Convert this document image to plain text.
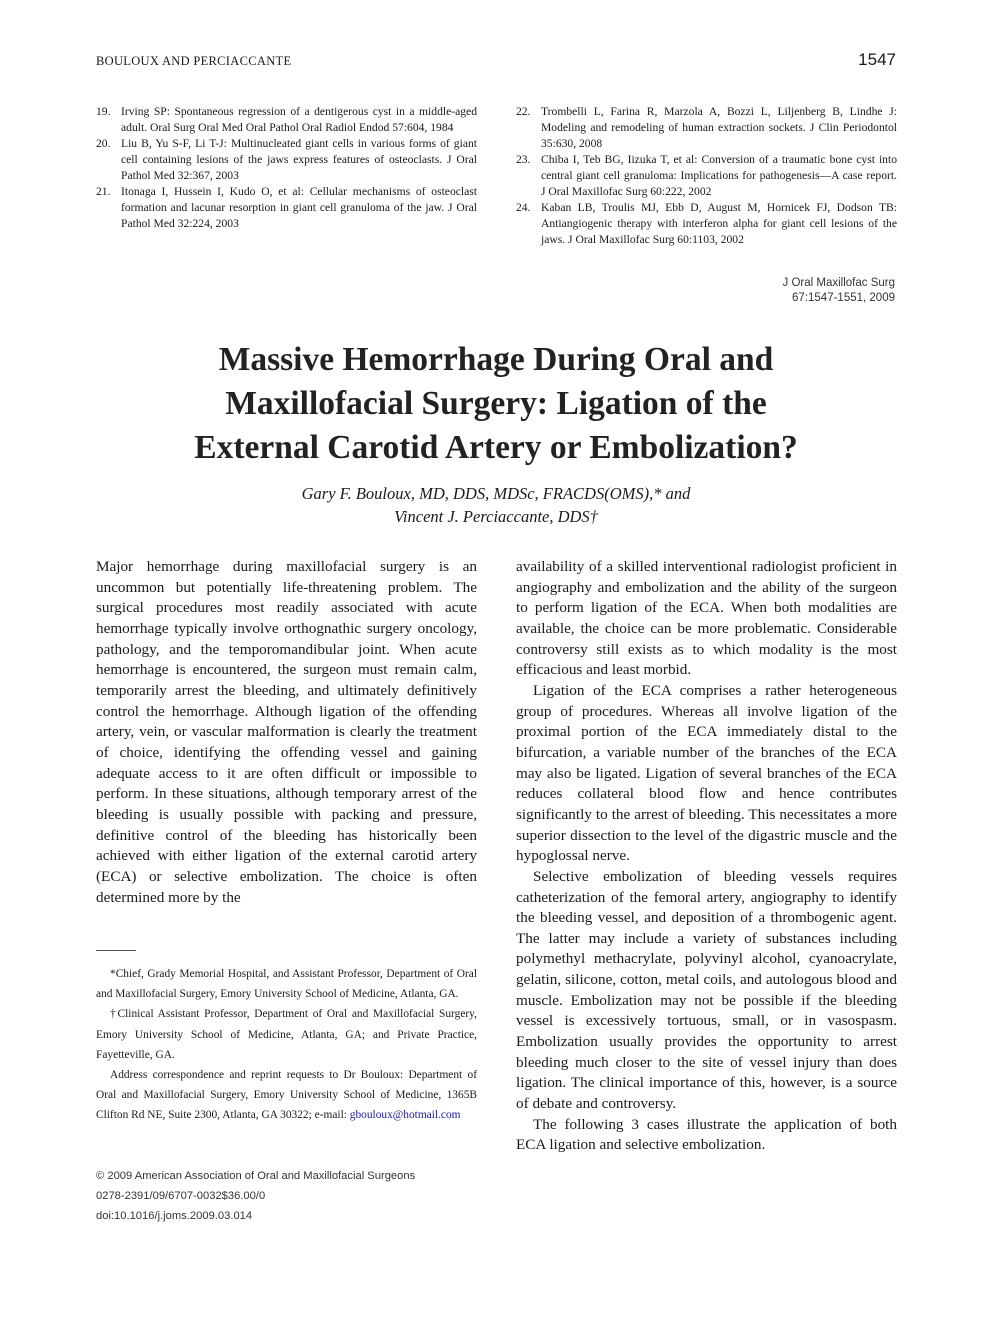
BOULOUX AND PERCIACCANTE	1547
19. Irving SP: Spontaneous regression of a dentigerous cyst in a middle-aged adult. Oral Surg Oral Med Oral Pathol Oral Radiol Endod 57:604, 1984
20. Liu B, Yu S-F, Li T-J: Multinucleated giant cells in various forms of giant cell containing lesions of the jaws express features of osteoclasts. J Oral Pathol Med 32:367, 2003
21. Itonaga I, Hussein I, Kudo O, et al: Cellular mechanisms of osteoclast formation and lacunar resorption in giant cell granuloma of the jaw. J Oral Pathol Med 32:224, 2003
22. Trombelli L, Farina R, Marzola A, Bozzi L, Liljenberg B, Lindhe J: Modeling and remodeling of human extraction sockets. J Clin Periodontol 35:630, 2008
23. Chiba I, Teb BG, Iizuka T, et al: Conversion of a traumatic bone cyst into central giant cell granuloma: Implications for pathogenesis—A case report. J Oral Maxillofac Surg 60:222, 2002
24. Kaban LB, Troulis MJ, Ebb D, August M, Hornicek FJ, Dodson TB: Antiangiogenic therapy with interferon alpha for giant cell lesions of the jaws. J Oral Maxillofac Surg 60:1103, 2002
J Oral Maxillofac Surg
67:1547-1551, 2009
Massive Hemorrhage During Oral and
Maxillofacial Surgery: Ligation of the
External Carotid Artery or Embolization?
Gary F. Bouloux, MD, DDS, MDSc, FRACDS(OMS),* and
Vincent J. Perciaccante, DDS†

Major hemorrhage during maxillofacial surgery is an uncommon but potentially life-threatening problem. The surgical procedures most readily associated with acute hemorrhage typically involve orthognathic surgery oncology, pathology, and the temporomandibular joint. When acute hemorrhage is encountered, the surgeon must remain calm, temporarily arrest the bleeding, and ultimately definitively control the hemorrhage. Although ligation of the offending artery, vein, or vascular malformation is clearly the treatment of choice, identifying the offending vessel and gaining adequate access to it are often difficult or impossible to perform. In these situations, although temporary arrest of the bleeding is usually possible with packing and pressure, definitive control of the bleeding has historically been achieved with either ligation of the external carotid artery (ECA) or selective embolization. The choice is often determined more by the

availability of a skilled interventional radiologist proficient in angiography and embolization and the ability of the surgeon to perform ligation of the ECA. When both modalities are available, the choice can be more problematic. Considerable controversy still exists as to which modality is the most efficacious and least morbid.

Ligation of the ECA comprises a rather heterogeneous group of procedures. Whereas all involve ligation of the proximal portion of the ECA immediately distal to the bifurcation, a variable number of the branches of the ECA may also be ligated. Ligation of several branches of the ECA reduces collateral blood flow and hence contributes significantly to the arrest of bleeding. This necessitates a more superior dissection to the level of the digastric muscle and the hypoglossal nerve.

Selective embolization of bleeding vessels requires catheterization of the femoral artery, angiography to identify the bleeding vessel, and deposition of a thrombogenic agent. The latter may include a variety of substances including polymethyl methacrylate, polyvinyl alcohol, cyanoacrylate, gelatin, silicone, cotton, metal coils, and autologous blood and muscle. Embolization may not be possible if the bleeding vessel is excessively tortuous, small, or in vasospasm. Embolization usually provides the opportunity to arrest bleeding much closer to the site of vessel injury than does ligation. The clinical importance of this, however, is a source of debate and controversy.

The following 3 cases illustrate the application of both ECA ligation and selective embolization.

*Chief, Grady Memorial Hospital, and Assistant Professor, Department of Oral and Maxillofacial Surgery, Emory University School of Medicine, Atlanta, GA.

†Clinical Assistant Professor, Department of Oral and Maxillofacial Surgery, Emory University School of Medicine, Atlanta, GA; and Private Practice, Fayetteville, GA.

Address correspondence and reprint requests to Dr Bouloux: Department of Oral and Maxillofacial Surgery, Emory University School of Medicine, 1365B Clifton Rd NE, Suite 2300, Atlanta, GA 30322; e-mail: gbouloux@hotmail.com

© 2009 American Association of Oral and Maxillofacial Surgeons
0278-2391/09/6707-0032$36.00/0
doi:10.1016/j.joms.2009.03.014
